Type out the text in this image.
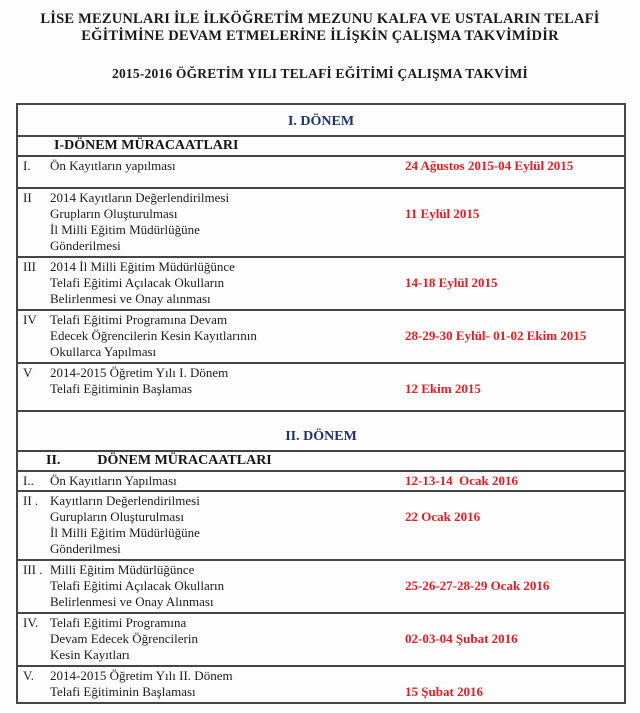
LİSE MEZUNLARI İLE İLKÖĞRETİM MEZUNU KALFA VE USTALARIN TELAFİ
EĞİTİMİNE DEVAM ETMELERİNE İLİŞKİN ÇALIŞMA TAKVİMİDİR
2015-2016 ÖĞRETİM YILI TELAFİ EĞİTİMİ ÇALIŞMA TAKVİMİ
I. DÖNEM
I-DÖNEM MÜRACAATLARI
I.	Ön Kayıtların yapılması	24 Ağustos 2015-04 Eylül 2015
II	2014 Kayıtların Değerlendirilmesi
Grupların Oluşturulması
İl Milli Eğitim Müdürlüğüne
Gönderilmesi
11 Eylül 2015
III	2014 İl Milli Eğitim Müdürlüğünce
Telafi Eğitimi Açılacak Okulların
Belirlenmesi ve Onay alınması
14-18 Eylül 2015
IV	Telafi Eğitimi Programına Devam
Edecek Öğrencilerin Kesin Kayıtlarının
Okullarca Yapılması
28-29-30 Eylül- 01-02 Ekim 2015
V	2014-2015 Öğretim Yılı I. Dönem
Telafi Eğitiminin Başlamas	12 Ekim 2015
II. DÖNEM
II.	DÖNEM MÜRACAATLARI
I..	Ön Kayıtların Yapılması	12-13-14  Ocak 2016
II . Kayıtların Değerlendirilmesi
Gurupların Oluşturulması
İl Milli Eğitim Müdürlüğüne
Gönderilmesi
22 Ocak 2016
III . Milli Eğitim Müdürlüğünce
Telafi Eğitimi Açılacak Okulların
Belirlenmesi ve Onay Alınması
25-26-27-28-29 Ocak 2016
IV. Telafi Eğitimi Programına
Devam Edecek Öğrencilerin
Kesin Kayıtları
02-03-04 Şubat 2016
V.	2014-2015 Öğretim Yılı II. Dönem
Telafi Eğitiminin Başlaması	15 Şubat 2016
